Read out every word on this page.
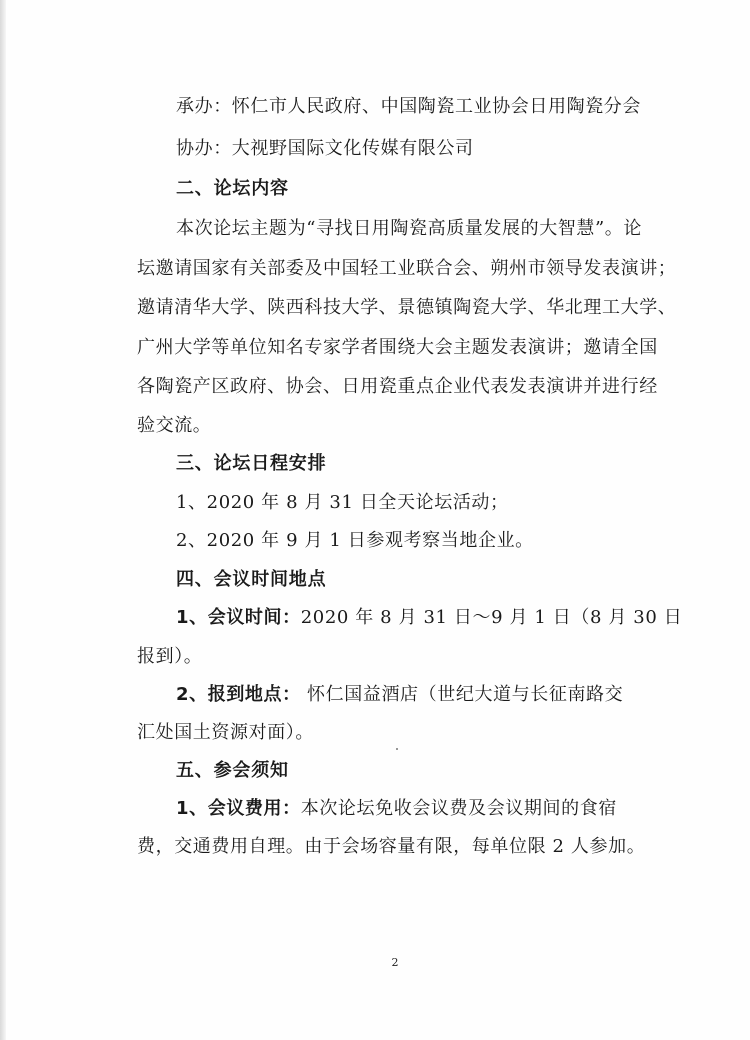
承办：怀仁市人民政府、中国陶瓷工业协会日用陶瓷分会
协办：大视野国际文化传媒有限公司
二、论坛内容
本次论坛主题为“寻找日用陶瓷高质量发展的大智慧”。论
坛邀请国家有关部委及中国轻工业联合会、朔州市领导发表演讲；
邀请清华大学、陕西科技大学、景德镇陶瓷大学、华北理工大学、
广州大学等单位知名专家学者围绕大会主题发表演讲；邀请全国
各陶瓷产区政府、协会、日用瓷重点企业代表发表演讲并进行经
验交流。
三、论坛日程安排
1、2020 年 8 月 31 日全天论坛活动；
2、2020 年 9 月 1 日参观考察当地企业。
四、会议时间地点
1、会议时间：2020 年 8 月 31 日～9 月 1 日（8 月 30 日
报到）。
2、报到地点： 怀仁国益酒店（世纪大道与长征南路交
汇处国土资源对面）。
五、参会须知
1、会议费用：本次论坛免收会议费及会议期间的食宿
费，交通费用自理。由于会场容量有限，每单位限 2 人参加。
2
